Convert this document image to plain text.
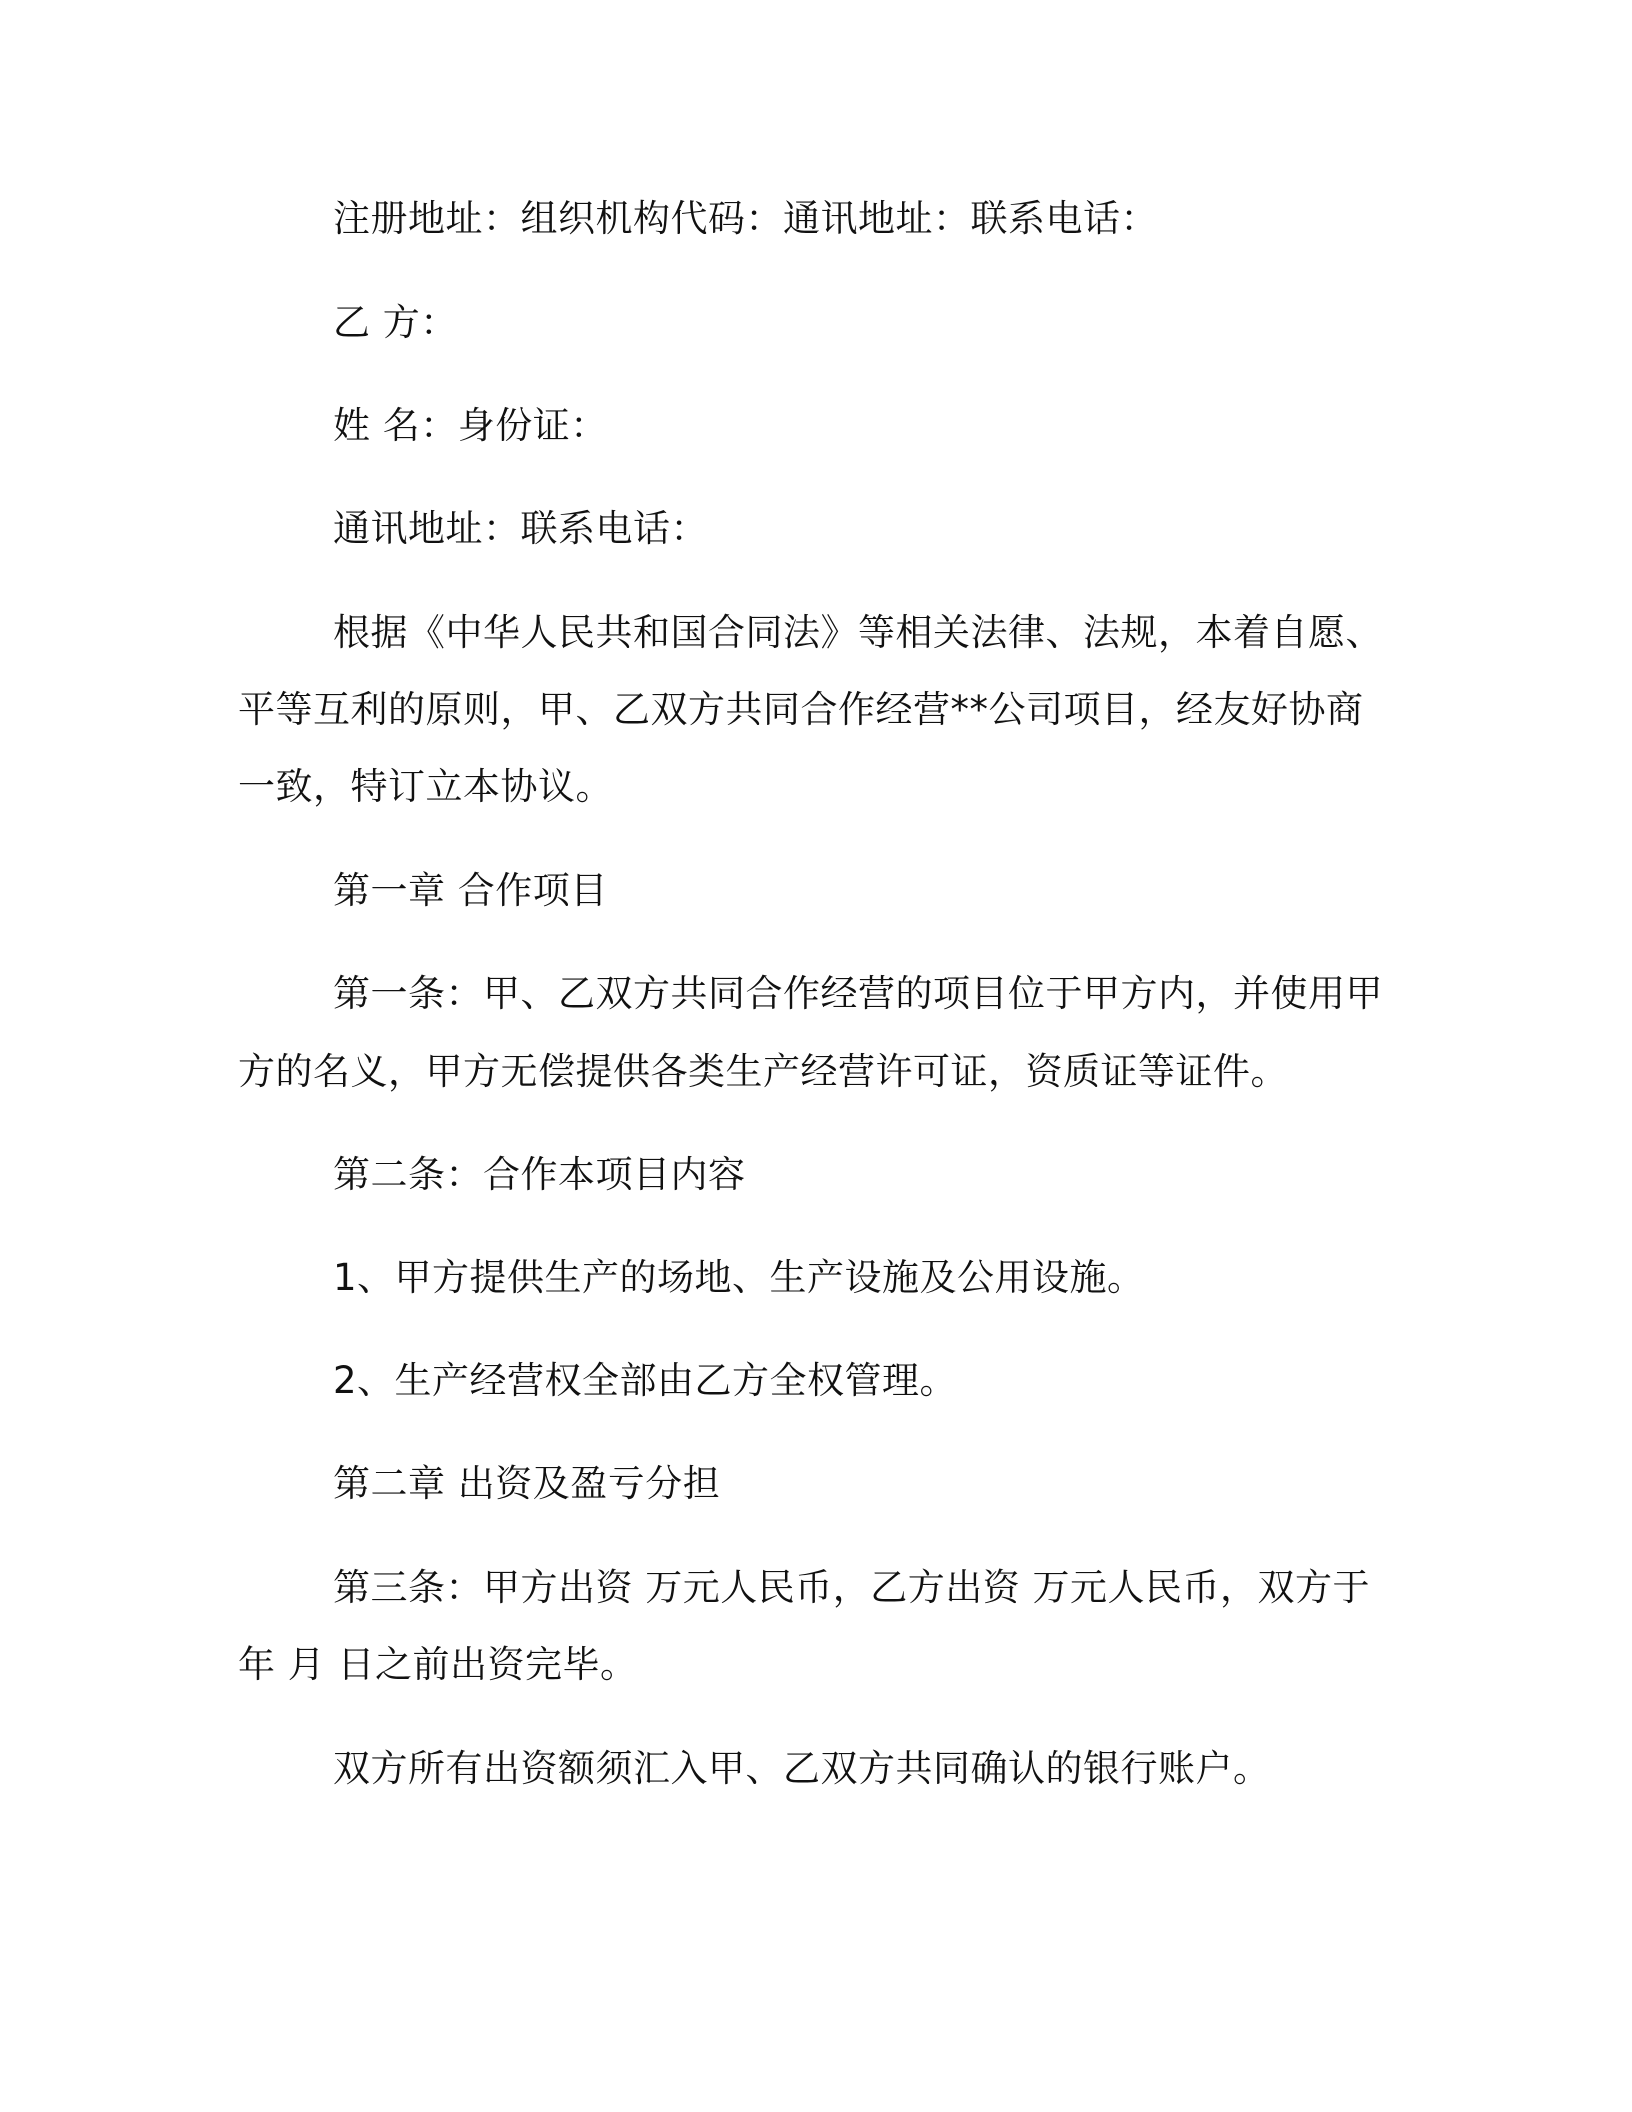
注册地址：组织机构代码：通讯地址：联系电话：
乙 方：
姓 名：身份证：
通讯地址：联系电话：
根据《中华人民共和国合同法》等相关法律、法规，本着自愿、
平等互利的原则，甲、乙双方共同合作经营**公司项目，经友好协商
一致，特订立本协议。
第一章 合作项目
第一条：甲、乙双方共同合作经营的项目位于甲方内，并使用甲
方的名义，甲方无偿提供各类生产经营许可证，资质证等证件。
第二条：合作本项目内容
1、甲方提供生产的场地、生产设施及公用设施。
2、生产经营权全部由乙方全权管理。
第二章 出资及盈亏分担
第三条：甲方出资 万元人民币，乙方出资 万元人民币，双方于
年 月 日之前出资完毕。
双方所有出资额须汇入甲、乙双方共同确认的银行账户。
